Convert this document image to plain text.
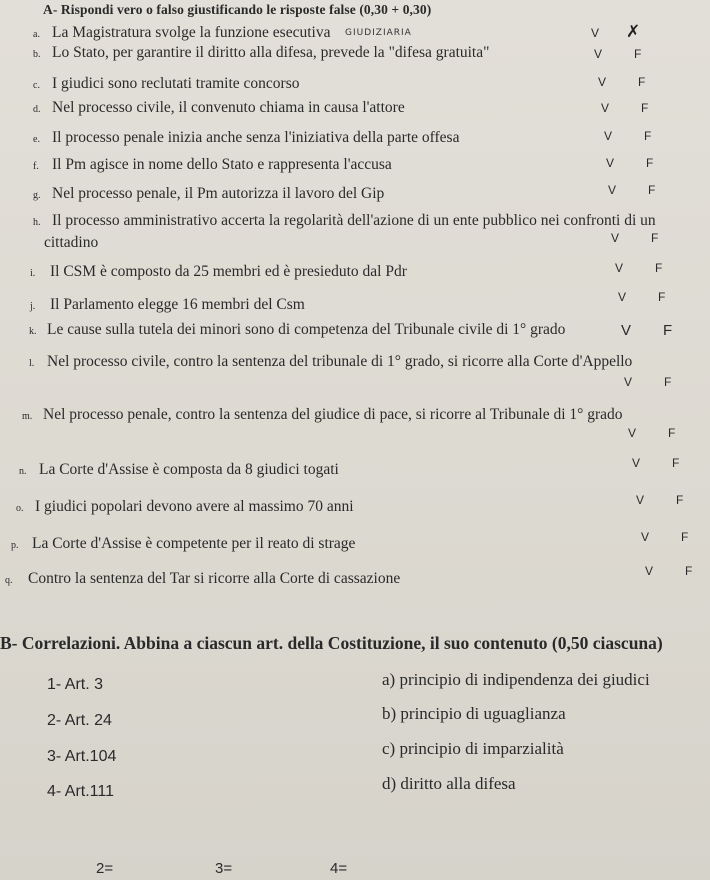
A- Rispondi vero o falso giustificando le risposte false (0,30 + 0,30)
a. La Magistratura svolge la funzione esecutiva GIUDIZIARIA	V ✗
b. Lo Stato, per garantire il diritto alla difesa, prevede la "difesa gratuita"	V	F
c. I giudici sono reclutati tramite concorso	V	F
d. Nel processo civile, il convenuto chiama in causa l'attore	V	F
e. Il processo penale inizia anche senza l'iniziativa della parte offesa	V	F
f. Il Pm agisce in nome dello Stato e rappresenta l'accusa	V	F
g. Nel processo penale, il Pm autorizza il lavoro del Gip	V	F
h. Il processo amministrativo accerta la regolarità dell'azione di un ente pubblico nei confronti di un
cittadino	V	F
i. Il CSM è composto da 25 membri ed è presieduto dal Pdr	V	F
j. Il Parlamento elegge 16 membri del Csm	V	F
k. Le cause sulla tutela dei minori sono di competenza del Tribunale civile di 1° grado	V F
l. Nel processo civile, contro la sentenza del tribunale di 1° grado, si ricorre alla Corte d'Appello
V	F
m. Nel processo penale, contro la sentenza del giudice di pace, si ricorre al Tribunale di 1° grado
V	F
n. La Corte d'Assise è composta da 8 giudici togati	V	F
o. I giudici popolari devono avere al massimo 70 anni	V	F
p. La Corte d'Assise è competente per il reato di strage	V	F
q. Contro la sentenza del Tar si ricorre alla Corte di cassazione	V	F
B- Correlazioni. Abbina a ciascun art. della Costituzione, il suo contenuto (0,50 ciascuna)
1- Art. 3
2- Art. 24
3- Art.104
4- Art.111
a) principio di indipendenza dei giudici
b) principio di uguaglianza
c) principio di imparzialità
d) diritto alla difesa
2=	3=	4=
